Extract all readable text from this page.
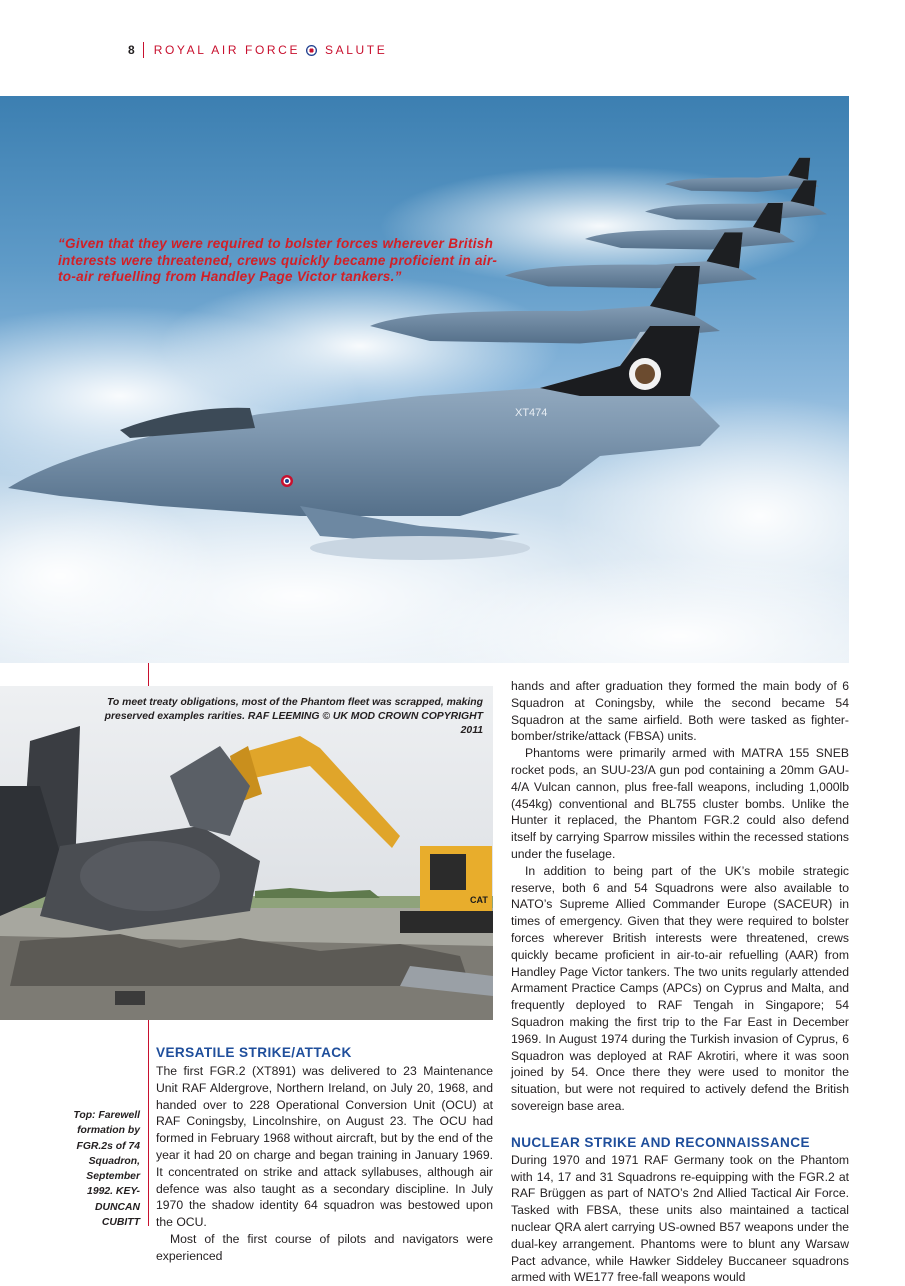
8 ROYAL AIR FORCE SALUTE
XT474

“Given that they were required to bolster forces wherever British interests were threatened, crews quickly became proficient in air-to-air refuelling from Handley Page Victor tankers.”

CAT

To meet treaty obligations, most of the Phantom fleet was scrapped, making preserved examples rarities. RAF LEEMING © UK MOD CROWN COPYRIGHT 2011

Top: Farewell formation by FGR.2s of 74 Squadron, September 1992. KEY-DUNCAN CUBITT

VERSATILE STRIKE/ATTACK

The first FGR.2 (XT891) was delivered to 23 Maintenance Unit RAF Aldergrove, Northern Ireland, on July 20, 1968, and handed over to 228 Operational Conversion Unit (OCU) at RAF Coningsby, Lincolnshire, on August 23. The OCU had formed in February 1968 without aircraft, but by the end of the year it had 20 on charge and began training in January 1969. It concentrated on strike and attack syllabuses, although air defence was also taught as a secondary discipline. In July 1970 the shadow identity 64 squadron was bestowed upon the OCU.

Most of the first course of pilots and navigators were experienced

hands and after graduation they formed the main body of 6 Squadron at Coningsby, while the second became 54 Squadron at the same airfield. Both were tasked as fighter-bomber/strike/attack (FBSA) units.

Phantoms were primarily armed with MATRA 155 SNEB rocket pods, an SUU-23/A gun pod containing a 20mm GAU-4/A Vulcan cannon, plus free-fall weapons, including 1,000lb (454kg) conventional and BL755 cluster bombs. Unlike the Hunter it replaced, the Phantom FGR.2 could also defend itself by carrying Sparrow missiles within the recessed stations under the fuselage.

In addition to being part of the UK’s mobile strategic reserve, both 6 and 54 Squadrons were also available to NATO’s Supreme Allied Commander Europe (SACEUR) in times of emergency. Given that they were required to bolster forces wherever British interests were threatened, crews quickly became proficient in air-to-air refuelling (AAR) from Handley Page Victor tankers. The two units regularly attended Armament Practice Camps (APCs) on Cyprus and Malta, and frequently deployed to RAF Tengah in Singapore; 54 Squadron making the first trip to the Far East in December 1969. In August 1974 during the Turkish invasion of Cyprus, 6 Squadron was deployed at RAF Akrotiri, where it was soon joined by 54. Once there they were used to monitor the situation, but were not required to actively defend the British sovereign base area.

NUCLEAR STRIKE AND RECONNAISSANCE

During 1970 and 1971 RAF Germany took on the Phantom with 14, 17 and 31 Squadrons re-equipping with the FGR.2 at RAF Brüggen as part of NATO’s 2nd Allied Tactical Air Force. Tasked with FBSA, these units also maintained a tactical nuclear QRA alert carrying US-owned B57 weapons under the dual-key arrangement. Phantoms were to blunt any Warsaw Pact advance, while Hawker Siddeley Buccaneer squadrons armed with WE177 free-fall weapons would
